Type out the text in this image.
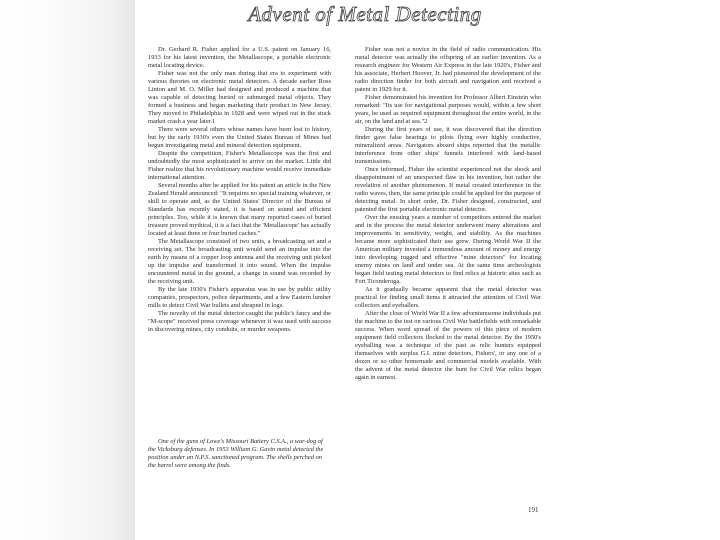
Advent of Metal Detecting

Dr. Gerhard R. Fisher applied for a U.S. patent on January 16, 1933 for his latest invention, the Metallascope, a portable electronic metal locating device.

Fisher was not the only man during that era to experiment with various theories on electronic metal detectors. A decade earlier Ross Linton and M. O. Miller had designed and produced a machine that was capable of detecting buried or submerged metal objects. They formed a business and began marketing their product in New Jersey. They moved to Philadelphia in 1928 and were wiped out in the stock market crash a year later.1

There were several others whose names have been lost to history, but by the early 1930's even the United States Bureau of Mines had begun investigating metal and mineral detection equipment.

Despite the competition, Fisher's Metallascope was the first and undoubtedly the most sophisticated to arrive on the market. Little did Fisher realize that his revolutionary machine would receive immediate international attention.

Several months after he applied for his patent an article in the New Zealand Herald announced: "It requires no special training whatever, or skill to operate and, as the United States' Director of the Bureau of Standards has recently stated, it is based on sound and efficient principles. Too, while it is known that many reported cases of buried treasure proved mythical, it is a fact that the 'Metallascope' has actually located at least three or four buried caches."

The Metallascope consisted of two units, a broadcasting set and a receiving set. The broadcasting unit would send an impulse into the earth by means of a copper loop antenna and the receiving unit picked up the impulse and transformed it into sound. When the impulse encountered metal in the ground, a change in sound was recorded by the receiving unit.

By the late 1930's Fisher's apparatus was in use by public utility companies, prospectors, police departments, and a few Eastern lumber mills to detect Civil War bullets and shrapnel in logs.

The novelty of the metal detector caught the public's fancy and the "M-scope" received press coverage whenever it was used with success in discovering mines, city conduits, or murder weapons.

One of the guns of Lowe's Missouri Battery C.S.A., a war-dog of the Vicksburg defenses. In 1953 William G. Gavin metal detected the position under an N.P.S. sanctioned program. The shells perched on the barrel were among the finds.

Fisher was not a novice in the field of radio communication. His metal detector was actually the offspring of an earlier invention. As a research engineer for Western Air Express in the late 1920's, Fisher and his associate, Herbert Hoover, Jr. had pioneered the development of the radio direction finder for both aircraft and navigation and received a patent in 1929 for it.

Fisher demonstrated his invention for Professor Albert Einstein who remarked: "Its use for navigational purposes would, within a few short years, be used as required equipment throughout the entire world, in the air, on the land and at sea."2

During the first years of use, it was discovered that the direction finder gave false bearings to pilots flying over highly conductive, mineralized areas. Navigators aboard ships reported that the metallic interference from other ships' funnels interfered with land-based transmissions.

Once informed, Fisher the scientist experienced not the shock and disappointment of an unexpected flaw in his invention, but rather the revelation of another phenomenon. If metal created interference in the radio waves, then, the same principle could be applied for the purpose of detecting metal. In short order, Dr. Fisher designed, constructed, and patented the first portable electronic metal detector.

Over the ensuing years a number of competitors entered the market and in the process the metal detector underwent many alterations and improvements in sensitivity, weight, and stability. As the machines became more sophisticated their use grew. During World War II the American military invested a tremendous amount of money and energy into developing rugged and effective "mine detectors" for locating enemy mines on land and under sea. At the same time archeologists began field testing metal detectors to find relics at historic sites such as Fort Ticonderoga.

As it gradually became apparent that the metal detector was practical for finding small items it attracted the attention of Civil War collectors and eyeballers.

After the close of World War II a few adventuresome individuals put the machine to the test on various Civil War battlefields with remarkable success. When word spread of the powers of this piece of modern equipment field collectors flocked to the metal detector. By the 1950's eyeballing was a technique of the past as relic hunters equipped themselves with surplus G.I. mine detectors, Fishers', or any one of a dozen or so other homemade and commercial models available. With the advent of the metal detector the hunt for Civil War relics began again in earnest.

191
